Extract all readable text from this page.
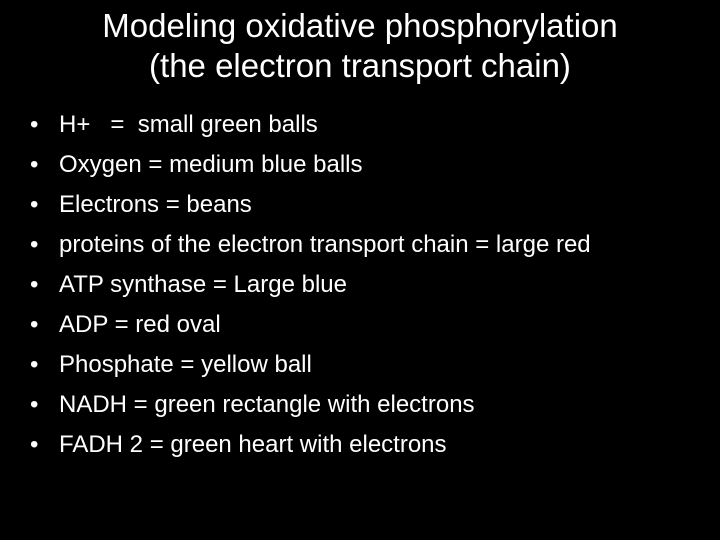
Modeling oxidative phosphorylation
(the electron transport chain)
• H+   =  small green balls
• Oxygen = medium blue balls
• Electrons = beans
• proteins of the electron transport chain = large red
• ATP synthase = Large blue
• ADP = red oval
• Phosphate = yellow ball
• NADH = green rectangle with electrons
• FADH 2 = green heart with electrons
